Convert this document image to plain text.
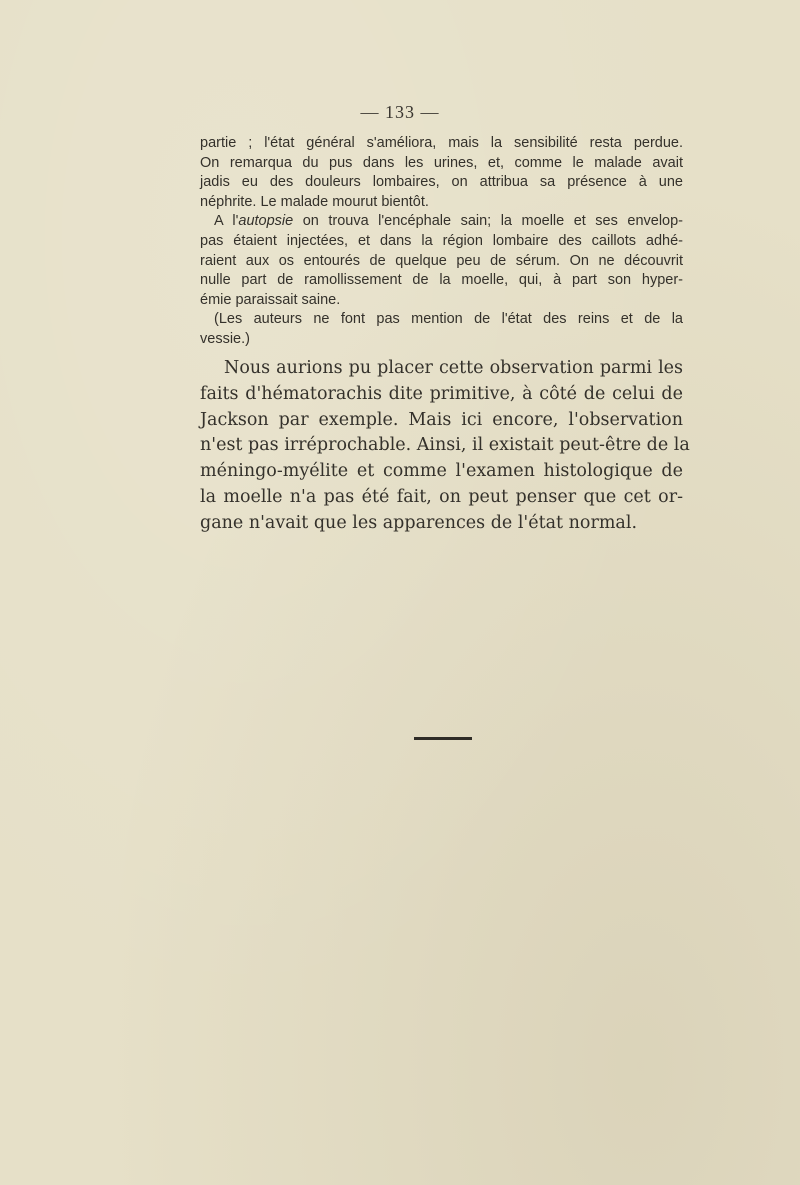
— 133 —
partie ; l'état général s'améliora, mais la sensibilité resta perdue.
On remarqua du pus dans les urines, et, comme le malade avait
jadis eu des douleurs lombaires, on attribua sa présence à une
néphrite. Le malade mourut bientôt.
A l'autopsie on trouva l'encéphale sain; la moelle et ses envelop-
pas étaient injectées, et dans la région lombaire des caillots adhé-
raient aux os entourés de quelque peu de sérum. On ne découvrit
nulle part de ramollissement de la moelle, qui, à part son hyper-
émie paraissait saine.
(Les auteurs ne font pas mention de l'état des reins et de la
vessie.)
Nous aurions pu placer cette observation parmi les
faits d'hématorachis dite primitive, à côté de celui de
Jackson par exemple. Mais ici encore, l'observation
n'est pas irréprochable. Ainsi, il existait peut-être de la
méningo-myélite et comme l'examen histologique de
la moelle n'a pas été fait, on peut penser que cet or-
gane n'avait que les apparences de l'état normal.
